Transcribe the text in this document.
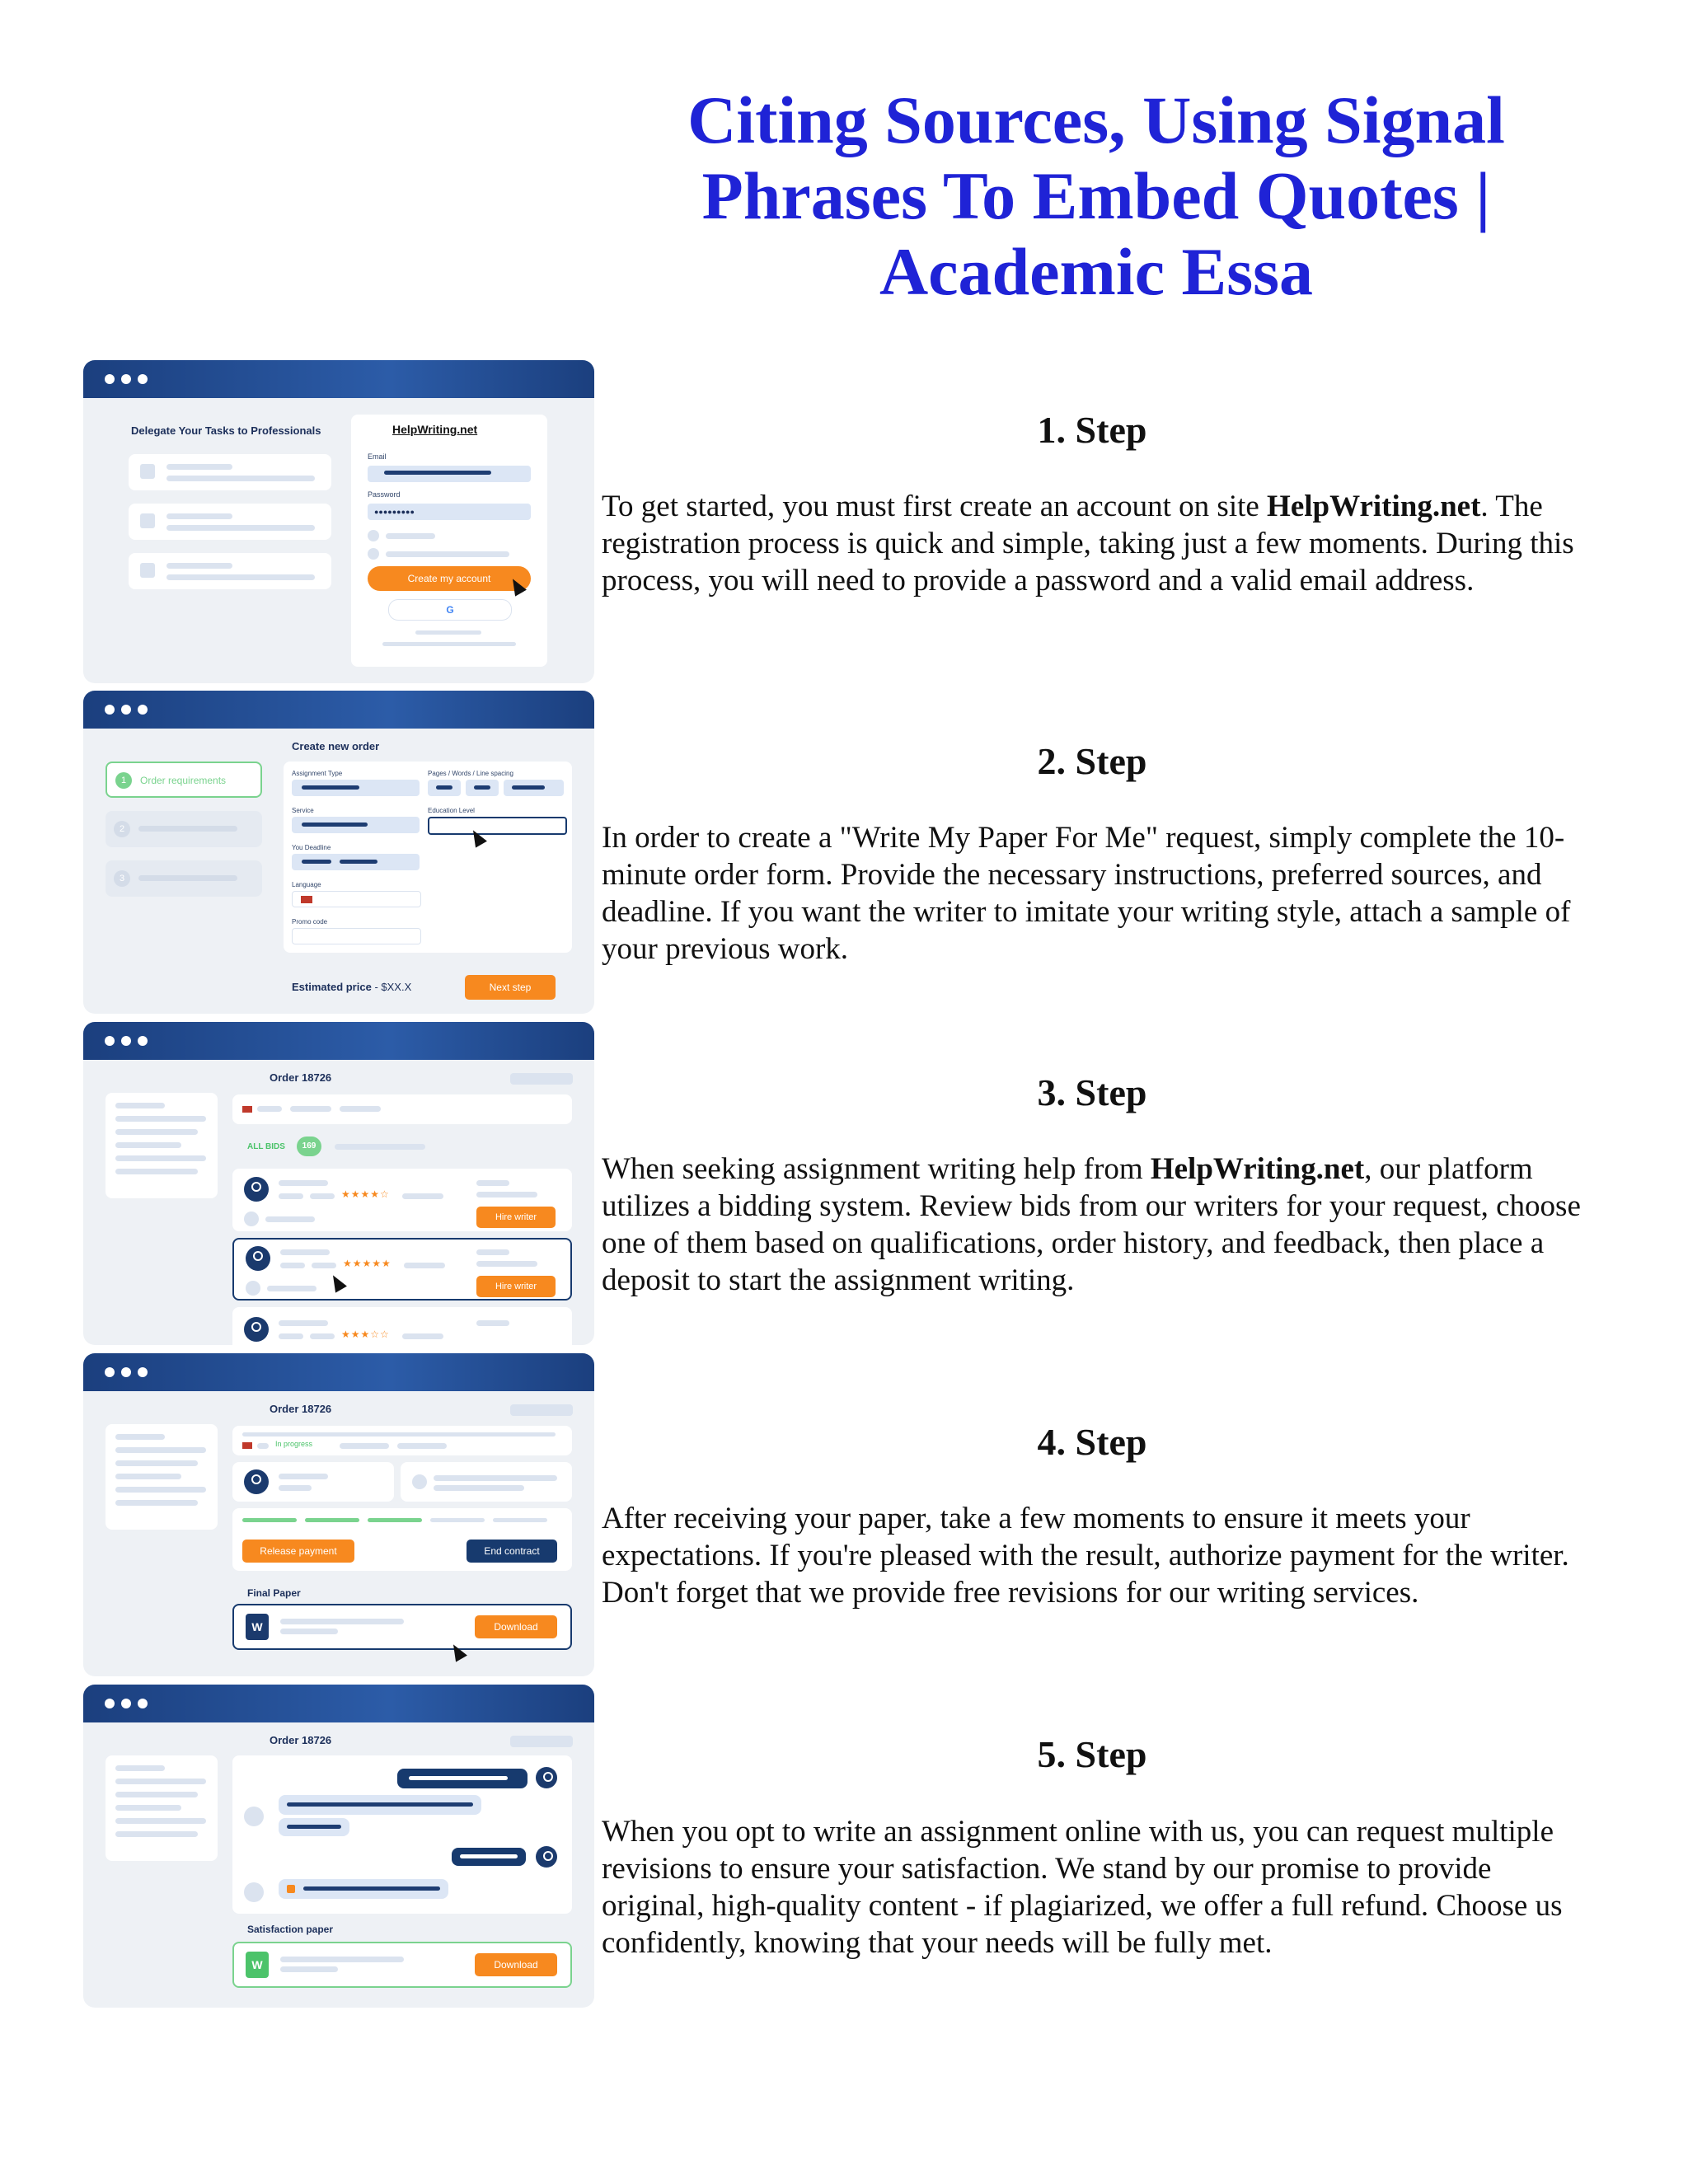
Citing Sources, Using Signal Phrases To Embed Quotes | Academic Essa
1. Step

To get started, you must first create an account on site HelpWriting.net. The registration process is quick and simple, taking just a few moments. During this process, you will need to provide a password and a valid email address.

2. Step

In order to create a "Write My Paper For Me" request, simply complete the 10-minute order form. Provide the necessary instructions, preferred sources, and deadline. If you want the writer to imitate your writing style, attach a sample of your previous work.

3. Step

When seeking assignment writing help from HelpWriting.net, our platform utilizes a bidding system. Review bids from our writers for your request, choose one of them based on qualifications, order history, and feedback, then place a deposit to start the assignment writing.

4. Step

After receiving your paper, take a few moments to ensure it meets your expectations. If you're pleased with the result, authorize payment for the writer. Don't forget that we provide free revisions for our writing services.

5. Step

When you opt to write an assignment online with us, you can request multiple revisions to ensure your satisfaction. We stand by our promise to provide original, high-quality content - if plagiarized, we offer a full refund. Choose us confidently, knowing that your needs will be fully met.

Delegate Your Tasks to Professionals	HelpWriting.net
Email
Password
●●●●●●●●●
Create my account
G
1	Order requirements
2
3
Create new order
Assignment Type	Pages / Words / Line spacing
Service	Education Level
You Deadline
Language
Promo code
Estimated price - $XX.X	Next step
Order 18726
ALL BIDS	169
★★★★☆
Hire writer
★★★★★
Hire writer
★★★☆☆
Order 18726
In progress
Release payment	End contract
Final Paper
W	Download
Order 18726
Satisfaction paper
W	Download
